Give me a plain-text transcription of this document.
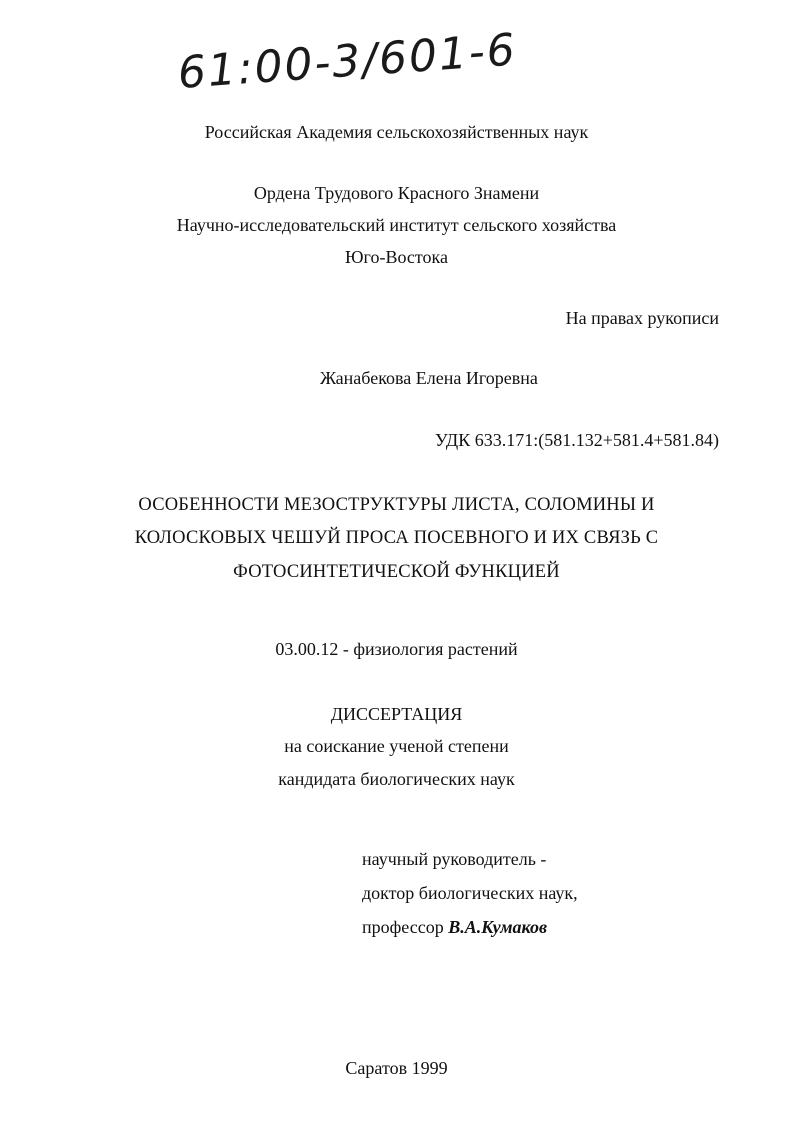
61:00-3/601-6
Российская Академия сельскохозяйственных наук
Ордена Трудового Красного Знамени
Научно-исследовательский институт сельского хозяйства
Юго-Востока
На правах рукописи
Жанабекова Елена Игоревна
УДК 633.171:(581.132+581.4+581.84)
ОСОБЕННОСТИ МЕЗОСТРУКТУРЫ ЛИСТА, СОЛОМИНЫ И
КОЛОСКОВЫХ ЧЕШУЙ ПРОСА ПОСЕВНОГО И ИХ СВЯЗЬ С
ФОТОСИНТЕТИЧЕСКОЙ ФУНКЦИЕЙ
03.00.12 - физиология растений
ДИССЕРТАЦИЯ
на соискание ученой степени
кандидата биологических наук
научный руководитель -
доктор биологических наук,
профессор В.А.Кумаков
Саратов 1999
